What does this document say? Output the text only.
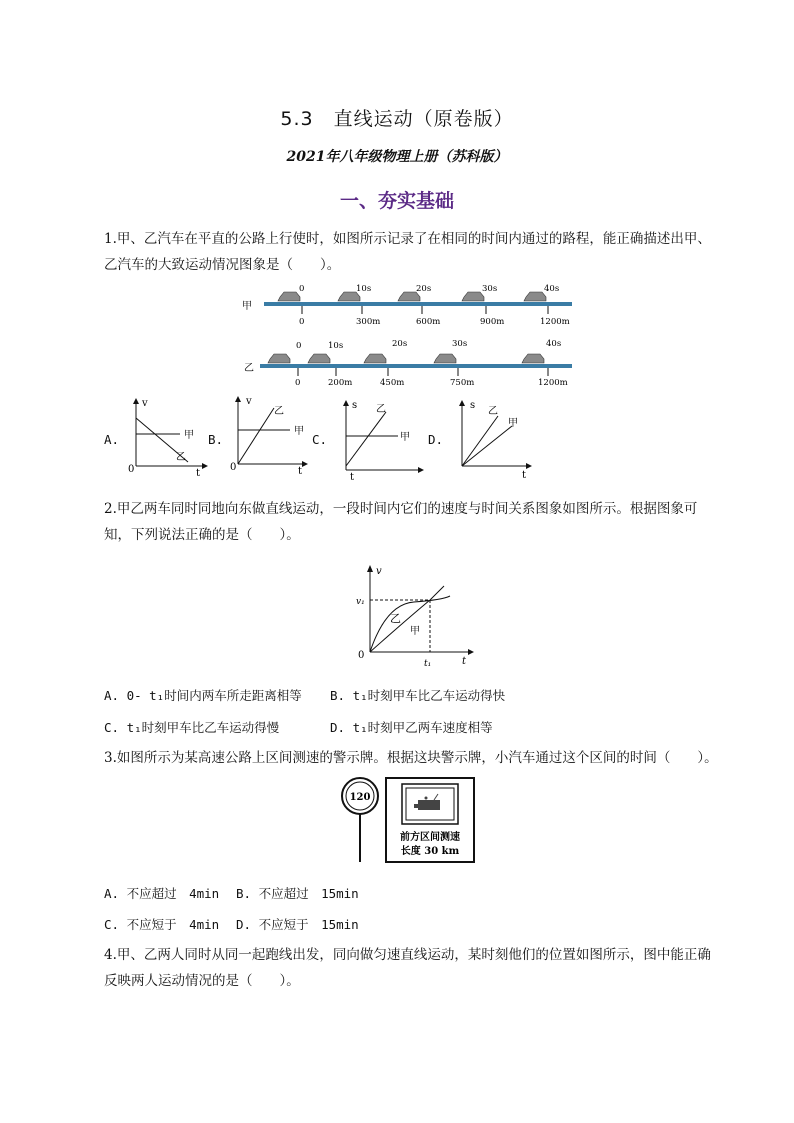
5.3　直线运动（原卷版）
2021年八年级物理上册（苏科版）
一、夯实基础
1.甲、乙汽车在平直的公路上行使时，如图所示记录了在相同的时间内通过的路程，能正确描述出甲、乙汽车的大致运动情况图象是（　　）。
甲
0	10s	20s	30s	40s
0	300m	600m	900m	1200m
乙
0	10s	20s	30s	40s
0	200m	450m	750m	1200m
A.
v
t
0
甲
乙
B.
v
t
0
乙
甲
C.
s
t
乙
甲
0
D.
s
t
0
乙
甲
2.甲乙两车同时同地向东做直线运动，一段时间内它们的速度与时间关系图象如图所示。根据图象可知，下列说法正确的是（　　）。
v
v₁
0
t₁	t
乙
甲
A. 0- t₁时间内两车所走距离相等 B. t₁时刻甲车比乙车运动得快
C. t₁时刻甲车比乙车运动得慢	D. t₁时刻甲乙两车速度相等
3.如图所示为某高速公路上区间测速的警示牌。根据这块警示牌，小汽车通过这个区间的时间（　　）。
120
前方区间测速
长度 30 km
A. 不应超过　4min B. 不应超过　15min
C. 不应短于　4min D. 不应短于　15min
4.甲、乙两人同时从同一起跑线出发，同向做匀速直线运动，某时刻他们的位置如图所示，图中能正确反映两人运动情况的是（　　）。
